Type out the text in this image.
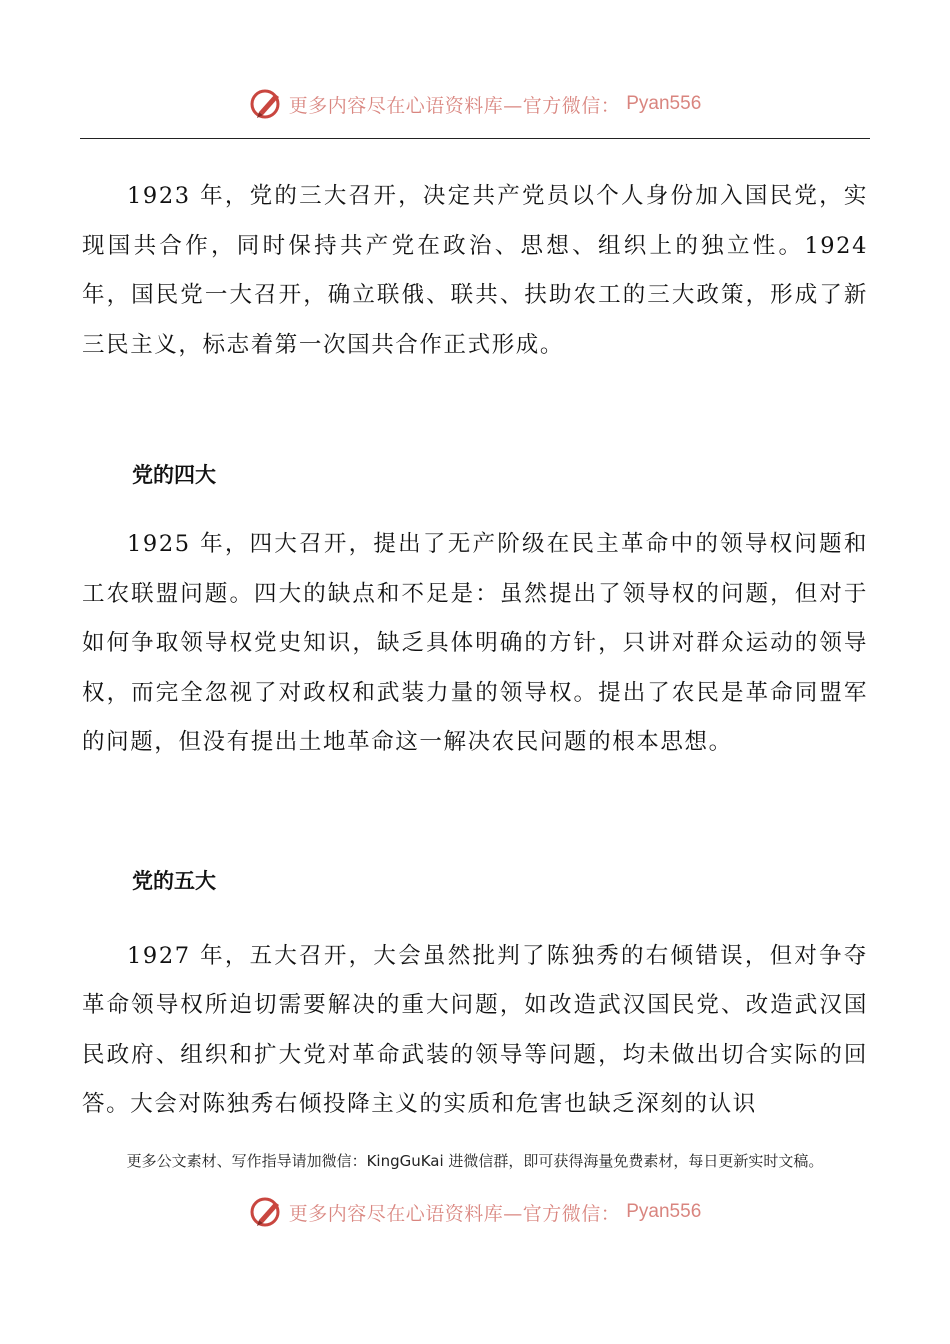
更多内容尽在心语资料库—官方微信： Pyan556

1923 年，党的三大召开，决定共产党员以个人身份加入国民党，实现国共合作，同时保持共产党在政治、思想、组织上的独立性。1924 年，国民党一大召开，确立联俄、联共、扶助农工的三大政策，形成了新三民主义，标志着第一次国共合作正式形成。

党的四大

1925 年，四大召开，提出了无产阶级在民主革命中的领导权问题和工农联盟问题。四大的缺点和不足是：虽然提出了领导权的问题，但对于如何争取领导权党史知识，缺乏具体明确的方针，只讲对群众运动的领导权，而完全忽视了对政权和武装力量的领导权。提出了农民是革命同盟军的问题，但没有提出土地革命这一解决农民问题的根本思想。

党的五大

1927 年，五大召开，大会虽然批判了陈独秀的右倾错误，但对争夺革命领导权所迫切需要解决的重大问题，如改造武汉国民党、改造武汉国民政府、组织和扩大党对革命武装的领导等问题，均未做出切合实际的回答。大会对陈独秀右倾投降主义的实质和危害也缺乏深刻的认识

更多公文素材、写作指导请加微信：KingGuKai 进微信群，即可获得海量免费素材，每日更新实时文稿。
更多内容尽在心语资料库—官方微信： Pyan556
